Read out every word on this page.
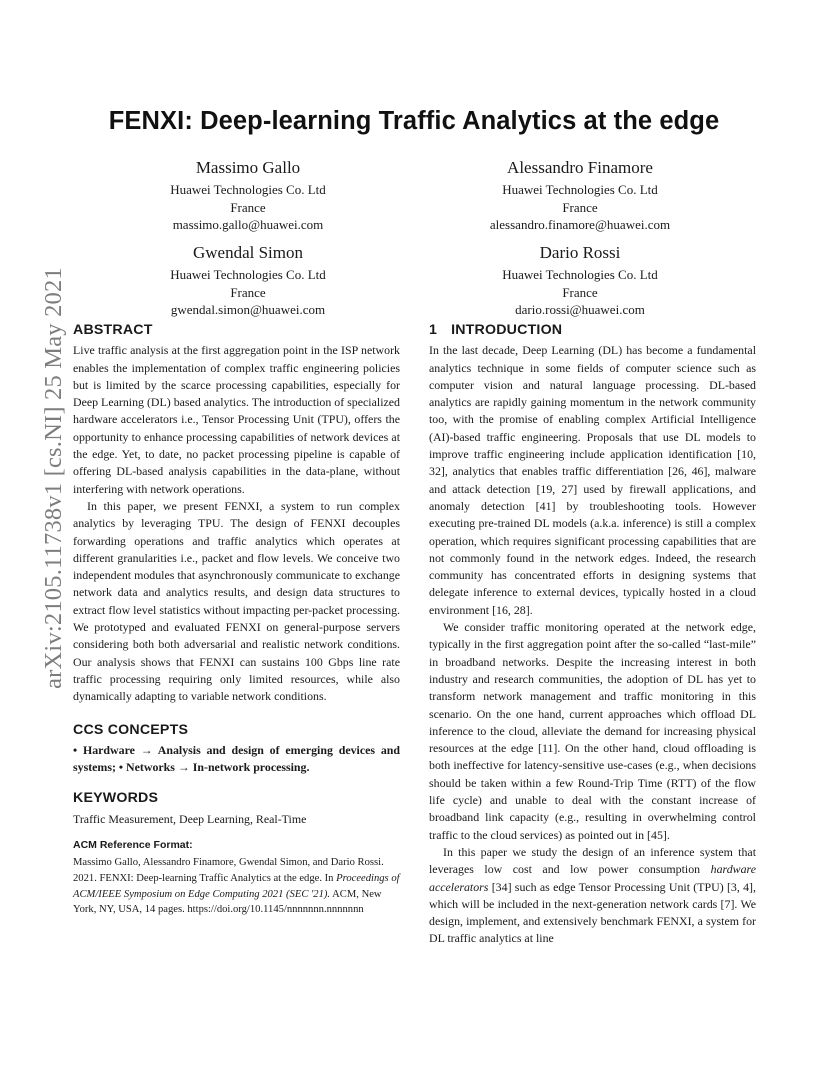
arXiv:2105.11738v1 [cs.NI] 25 May 2021
FENXI: Deep-learning Traffic Analytics at the edge
Massimo Gallo
Huawei Technologies Co. Ltd
France
massimo.gallo@huawei.com
Alessandro Finamore
Huawei Technologies Co. Ltd
France
alessandro.finamore@huawei.com
Gwendal Simon
Huawei Technologies Co. Ltd
France
gwendal.simon@huawei.com
Dario Rossi
Huawei Technologies Co. Ltd
France
dario.rossi@huawei.com
ABSTRACT

Live traffic analysis at the first aggregation point in the ISP network enables the implementation of complex traffic engineering policies but is limited by the scarce processing capabilities, especially for Deep Learning (DL) based analytics. The introduction of specialized hardware accelerators i.e., Tensor Processing Unit (TPU), offers the opportunity to enhance processing capabilities of network devices at the edge. Yet, to date, no packet processing pipeline is capable of offering DL-based analysis capabilities in the data-plane, without interfering with network operations.

In this paper, we present FENXI, a system to run complex analytics by leveraging TPU. The design of FENXI decouples forwarding operations and traffic analytics which operates at different granularities i.e., packet and flow levels. We conceive two independent modules that asynchronously communicate to exchange network data and analytics results, and design data structures to extract flow level statistics without impacting per-packet processing. We prototyped and evaluated FENXI on general-purpose servers considering both both adversarial and realistic network conditions. Our analysis shows that FENXI can sustains 100 Gbps line rate traffic processing requiring only limited resources, while also dynamically adapting to variable network conditions.

CCS CONCEPTS

• Hardware → Analysis and design of emerging devices and systems; • Networks → In-network processing.

KEYWORDS

Traffic Measurement, Deep Learning, Real-Time

ACM Reference Format:
Massimo Gallo, Alessandro Finamore, Gwendal Simon, and Dario Rossi. 2021. FENXI: Deep-learning Traffic Analytics at the edge. In Proceedings of ACM/IEEE Symposium on Edge Computing 2021 (SEC '21). ACM, New York, NY, USA, 14 pages. https://doi.org/10.1145/nnnnnnn.nnnnnnn
1 INTRODUCTION

In the last decade, Deep Learning (DL) has become a fundamental analytics technique in some fields of computer science such as computer vision and natural language processing. DL-based analytics are rapidly gaining momentum in the network community too, with the promise of enabling complex Artificial Intelligence (AI)-based traffic engineering. Proposals that use DL models to improve traffic engineering include application identification [10, 32], analytics that enables traffic differentiation [26, 46], malware and attack detection [19, 27] used by firewall applications, and anomaly detection [41] by troubleshooting tools. However executing pre-trained DL models (a.k.a. inference) is still a complex operation, which requires significant processing capabilities that are not commonly found in the network edges. Indeed, the research community has concentrated efforts in designing systems that delegate inference to external devices, typically hosted in a cloud environment [16, 28].

We consider traffic monitoring operated at the network edge, typically in the first aggregation point after the so-called “last-mile” in broadband networks. Despite the increasing interest in both industry and research communities, the adoption of DL has yet to transform network management and traffic monitoring in this scenario. On the one hand, current approaches which offload DL inference to the cloud, alleviate the demand for increasing physical resources at the edge [11]. On the other hand, cloud offloading is both ineffective for latency-sensitive use-cases (e.g., when decisions should be taken within a few Round-Trip Time (RTT) of the flow life cycle) and unable to deal with the constant increase of broadband link capacity (e.g., resulting in overwhelming control traffic to the cloud services) as pointed out in [45].

In this paper we study the design of an inference system that leverages low cost and low power consumption hardware accelerators [34] such as edge Tensor Processing Unit (TPU) [3, 4], which will be included in the next-generation network cards [7]. We design, implement, and extensively benchmark FENXI, a system for DL traffic analytics at line
